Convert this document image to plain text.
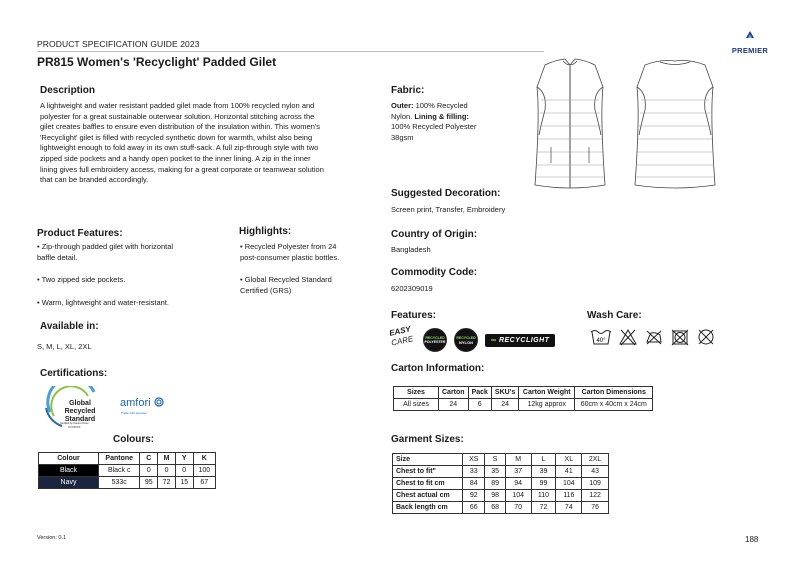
PRODUCT SPECIFICATION GUIDE 2023
PREMIER
PR815 Women's 'Recyclight' Padded Gilet
Description
A lightweight and water resistant padded gilet made from 100% recycled nylon and
polyester for a great sustainable outerwear solution. Horizontal stitching across the
gilet creates baffles to ensure even distribution of the insulation within. This women's
'Recyclight' gilet is filled with recycled synthetic down for warmth, whilst also being
lightweight enough to fold away in its own stuff-sack. A full zip-through style with two
zipped side pockets and a handy open pocket to the inner lining. A zip in the inner
lining gives full embroidery access, making for a great corporate or teamwear solution
that can be branded accordingly.
Product Features:
• Zip-through padded gilet with horizontal
baffle detail.
• Two zipped side pockets.
• Warm, lightweight and water-resistant.
Highlights:
• Recycled Polyester from 24
post-consumer plastic bottles.
• Global Recycled Standard
Certified (GRS)
Available in:
S, M, L, XL, 2XL
Certifications:
Global Recycled
Standard
Certified by Control Union
CU 8XXXX
amfori
Trade with purpose
Colours:
Colour	Pantone	C	M	Y	K
Black	Black c	0	0	0	100
Navy	533c	95	72	15	67
Fabric:
Outer: 100% Recycled
Nylon. Lining & filling:
100% Recycled Polyester
38gsm
Suggested Decoration:
Screen print, Transfer, Embroidery
Country of Origin:
Bangladesh
Commodity Code:
6202309019
Features:
EASY
CARE	RECYCLED
POLYESTER
RECYCLED
NYLON	∞ RECYCLIGHT
Wash Care:
40°
Carton Information:
Sizes	Carton	Pack	SKU's	Carton Weight	Carton Dimensions
All sizes	24	6	24	12kg approx	60cm x 40cm x 24cm
Garment Sizes:
Size	XS	S	M	L	XL	2XL
Chest to fit"	33	35	37	39	41	43
Chest to fit cm	84	89	94	99	104	109
Chest actual cm	92	98	104	110	116	122
Back length cm	66	68	70	72	74	76
Version: 0.1	188
